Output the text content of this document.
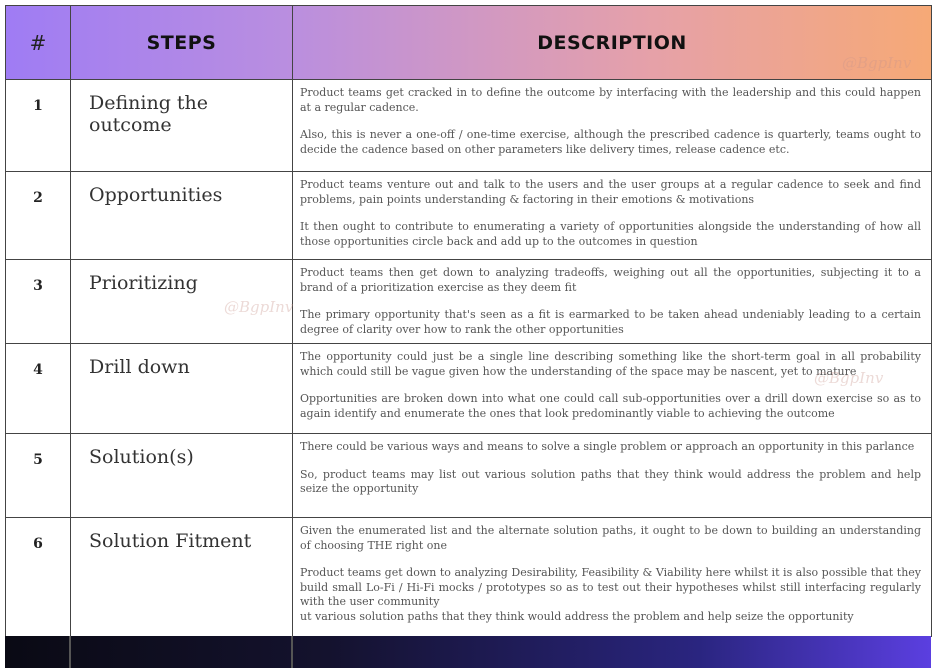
#	STEPS	DESCRIPTION
1	Defining the outcome	Product teams get cracked in to define the outcome by interfacing with the leadership and this could happen at a regular cadence.

Also, this is never a one-off / one-time exercise, although the prescribed cadence is quarterly, teams ought to decide the cadence based on other parameters like delivery times, release cadence etc.

2	Opportunities	Product teams venture out and talk to the users and the user groups at a regular cadence to seek and find problems, pain points understanding & factoring in their emotions & motivations

It then ought to contribute to enumerating a variety of opportunities alongside the understanding of how all those opportunities circle back and add up to the outcomes in question

3	Prioritizing	Product teams then get down to analyzing tradeoffs, weighing out all the opportunities, subjecting it to a brand of a prioritization exercise as they deem fit

The primary opportunity that's seen as a fit is earmarked to be taken ahead undeniably leading to a certain degree of clarity over how to rank the other opportunities

4	Drill down	The opportunity could just be a single line describing something like the short-term goal in all probability which could still be vague given how the understanding of the space may be nascent, yet to mature

Opportunities are broken down into what one could call sub-opportunities over a drill down exercise so as to again identify and enumerate the ones that look predominantly viable to achieving the outcome

5	Solution(s)	There could be various ways and means to solve a single problem or approach an opportunity in this parlance

So, product teams may list out various solution paths that they think would address the problem and help seize the opportunity

6	Solution Fitment	Given the enumerated list and the alternate solution paths, it ought to be down to building an understanding of choosing THE right one

Product teams get down to analyzing Desirability, Feasibility & Viability here whilst it is also possible that they build small Lo-Fi / Hi-Fi mocks / prototypes so as to test out their hypotheses whilst still interfacing regularly with the user community

ut various solution paths that they think would address the problem and help seize the opportunity

@BgpInv
@BgpInv
@BgpInv
